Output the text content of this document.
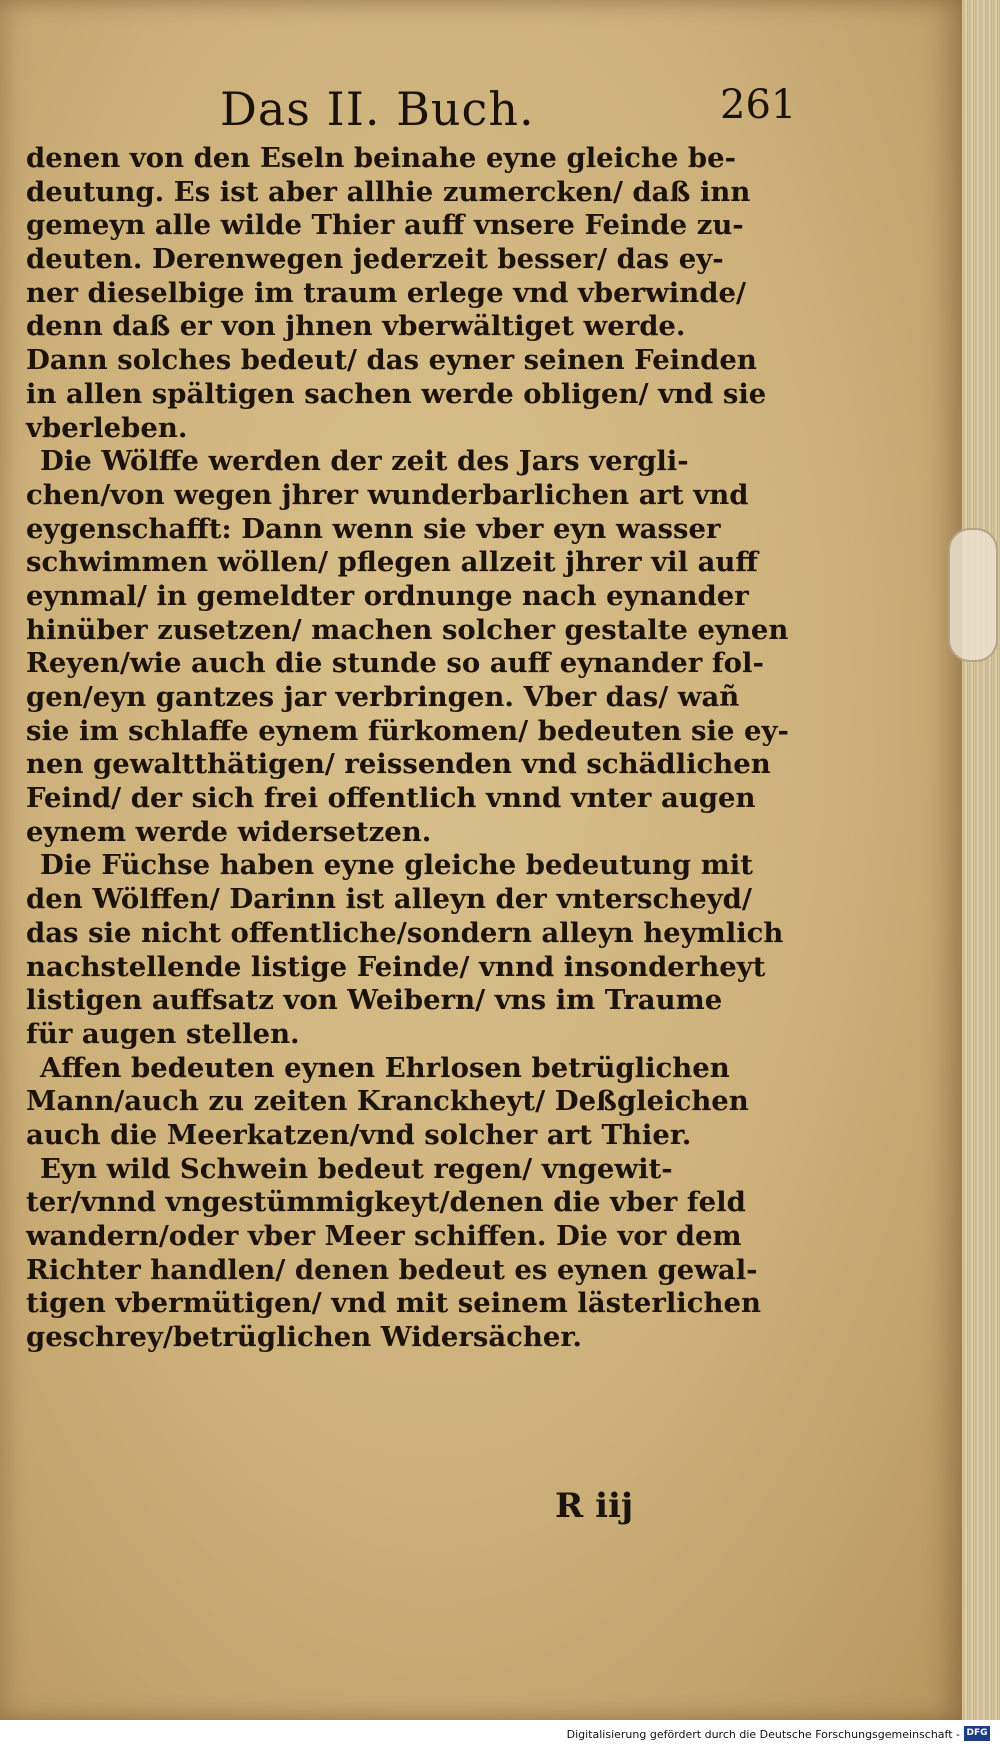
Das II. Buch.	261
denen von den Eseln beinahe eyne gleiche be-
deutung. Es ist aber allhie zumercken/ daß inn
gemeyn alle wilde Thier auff vnsere Feinde zu-
deuten. Derenwegen jederzeit besser/ das ey-
ner dieselbige im traum erlege vnd vberwinde/
denn daß er von jhnen vberwältiget werde.
Dann solches bedeut/ das eyner seinen Feinden
in allen spältigen sachen werde obligen/ vnd sie
vberleben.
Die Wölffe werden der zeit des Jars vergli-
chen/von wegen jhrer wunderbarlichen art vnd
eygenschafft: Dann wenn sie vber eyn wasser
schwimmen wöllen/ pflegen allzeit jhrer vil auff
eynmal/ in gemeldter ordnunge nach eynander
hinüber zusetzen/ machen solcher gestalte eynen
Reyen/wie auch die stunde so auff eynander fol-
gen/eyn gantzes jar verbringen. Vber das/ wañ
sie im schlaffe eynem fürkomen/ bedeuten sie ey-
nen gewaltthätigen/ reissenden vnd schädlichen
Feind/ der sich frei offentlich vnnd vnter augen
eynem werde widersetzen.
Die Füchse haben eyne gleiche bedeutung mit
den Wölffen/ Darinn ist alleyn der vnterscheyd/
das sie nicht offentliche/sondern alleyn heymlich
nachstellende listige Feinde/ vnnd insonderheyt
listigen auffsatz von Weibern/ vns im Traume
für augen stellen.
Affen bedeuten eynen Ehrlosen betrüglichen
Mann/auch zu zeiten Kranckheyt/ Deßgleichen
auch die Meerkatzen/vnd solcher art Thier.
Eyn wild Schwein bedeut regen/ vngewit-
ter/vnnd vngestümmigkeyt/denen die vber feld
wandern/oder vber Meer schiffen. Die vor dem
Richter handlen/ denen bedeut es eynen gewal-
tigen vbermütigen/ vnd mit seinem lästerlichen
geschrey/betrüglichen Widersächer.
R iij
Digitalisierung gefördert durch die Deutsche Forschungsgemeinschaft - DFG
